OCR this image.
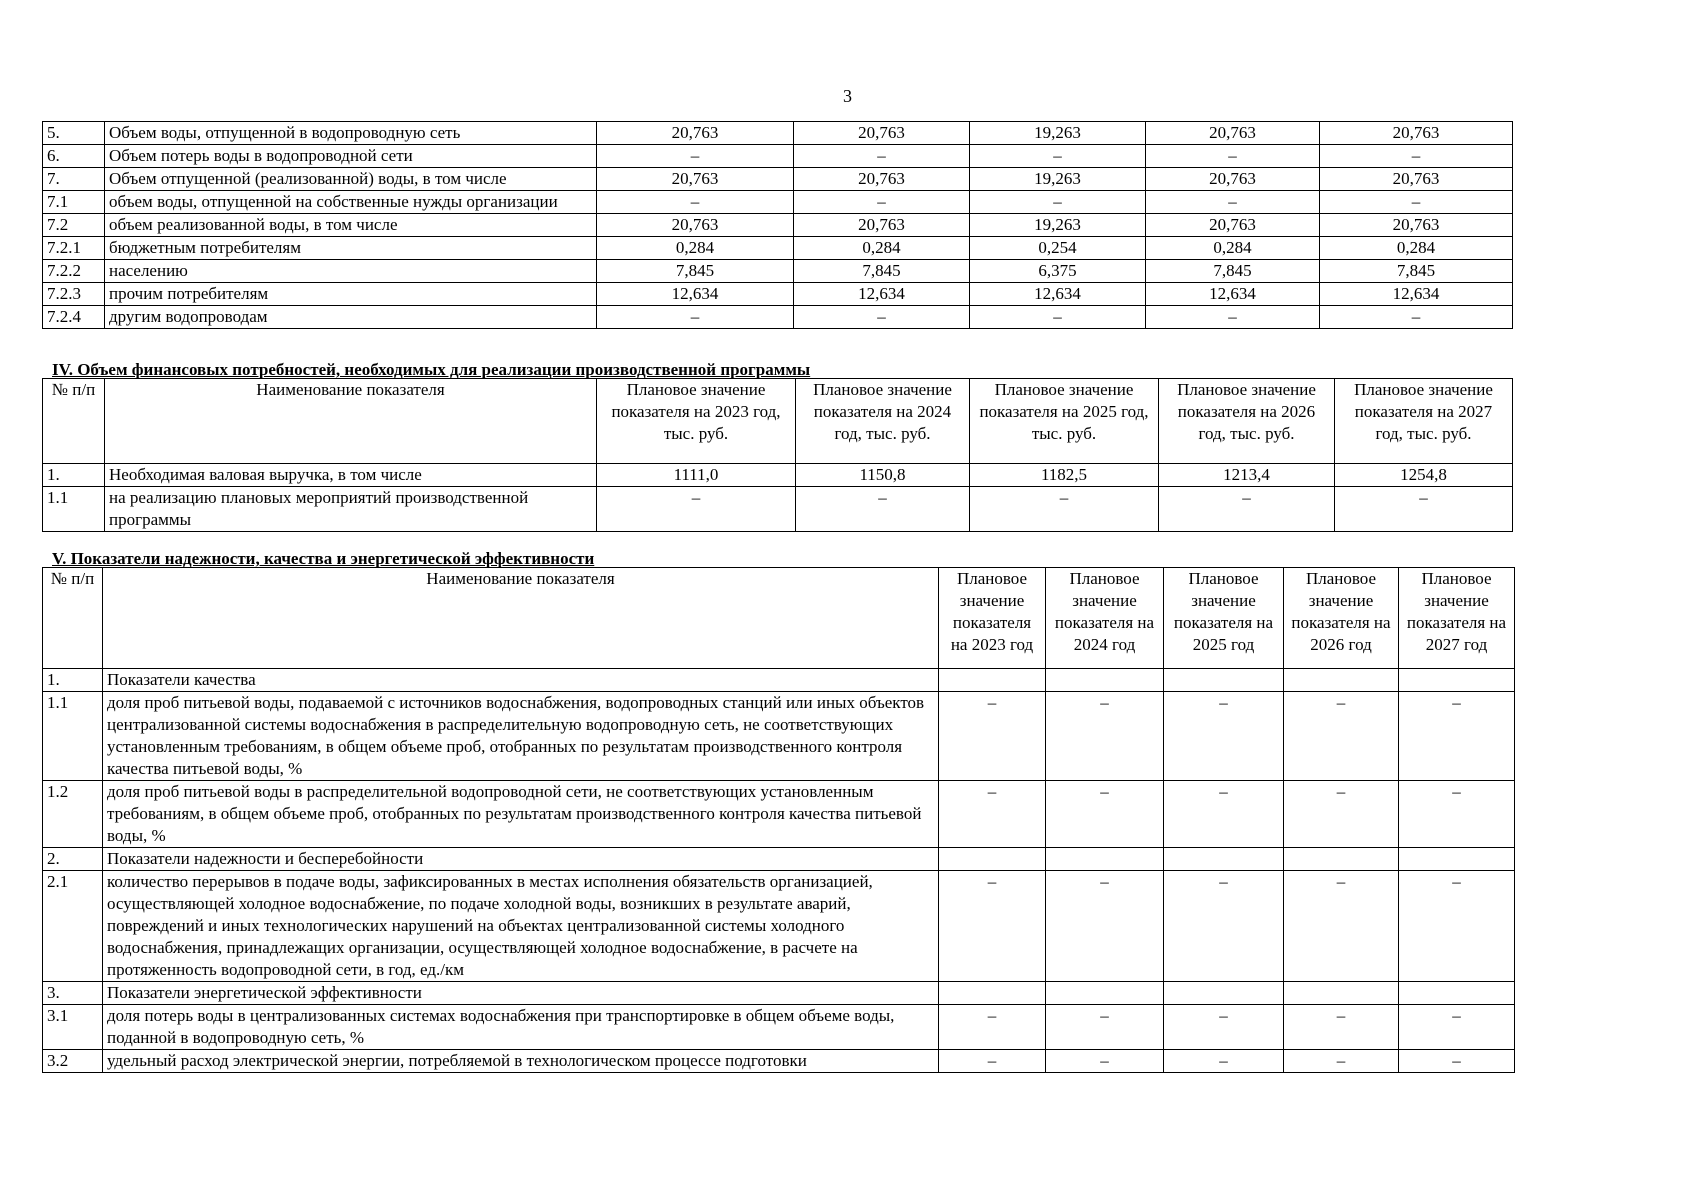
3
5.	Объем воды, отпущенной в водопроводную сеть	20,763	20,763	19,263	20,763	20,763
6.	Объем потерь воды в водопроводной сети	–	–	–	–	–
7.	Объем отпущенной (реализованной) воды, в том числе	20,763	20,763	19,263	20,763	20,763
7.1	объем воды, отпущенной на собственные нужды организации	–	–	–	–	–
7.2	объем реализованной воды, в том числе	20,763	20,763	19,263	20,763	20,763
7.2.1	бюджетным потребителям	0,284	0,284	0,254	0,284	0,284
7.2.2	населению	7,845	7,845	6,375	7,845	7,845
7.2.3	прочим потребителям	12,634	12,634	12,634	12,634	12,634
7.2.4	другим водопроводам	–	–	–	–	–
IV. Объем финансовых потребностей, необходимых для реализации производственной программы
№ п/п	Наименование показателя	Плановое значение показателя на 2023 год, тыс. руб.	Плановое значение показателя на 2024 год, тыс. руб.	Плановое значение показателя на 2025 год, тыс. руб.	Плановое значение показателя на 2026 год, тыс. руб.	Плановое значение показателя на 2027 год, тыс. руб.
1.	Необходимая валовая выручка, в том числе	1111,0	1150,8	1182,5	1213,4	1254,8
1.1	на реализацию плановых мероприятий производственной программы	–	–	–	–	–
V. Показатели надежности, качества и энергетической эффективности
№ п/п	Наименование показателя	Плановое значение показателя на 2023 год	Плановое значение показателя на 2024 год	Плановое значение показателя на 2025 год	Плановое значение показателя на 2026 год	Плановое значение показателя на 2027 год
1.	Показатели качества					
1.1	доля проб питьевой воды, подаваемой с источников водоснабжения, водопроводных станций или иных объектов централизованной системы водоснабжения в распределительную водопроводную сеть, не соответствующих установленным требованиям, в общем объеме проб, отобранных по результатам производственного контроля качества питьевой воды, %	–	–	–	–	–
1.2	доля проб питьевой воды в распределительной водопроводной сети, не соответствующих установленным требованиям, в общем объеме проб, отобранных по результатам производственного контроля качества питьевой воды, %	–	–	–	–	–
2.	Показатели надежности и бесперебойности					
2.1	количество перерывов в подаче воды, зафиксированных в местах исполнения обязательств организацией, осуществляющей холодное водоснабжение, по подаче холодной воды, возникших в результате аварий, повреждений и иных технологических нарушений на объектах централизованной системы холодного водоснабжения, принадлежащих организации, осуществляющей холодное водоснабжение, в расчете на протяженность водопроводной сети, в год, ед./км	–	–	–	–	–
3.	Показатели энергетической эффективности					
3.1	доля потерь воды в централизованных системах водоснабжения при транспортировке в общем объеме воды, поданной в водопроводную сеть, %	–	–	–	–	–
3.2	удельный расход электрической энергии, потребляемой в технологическом процессе подготовки	–	–	–	–	–
